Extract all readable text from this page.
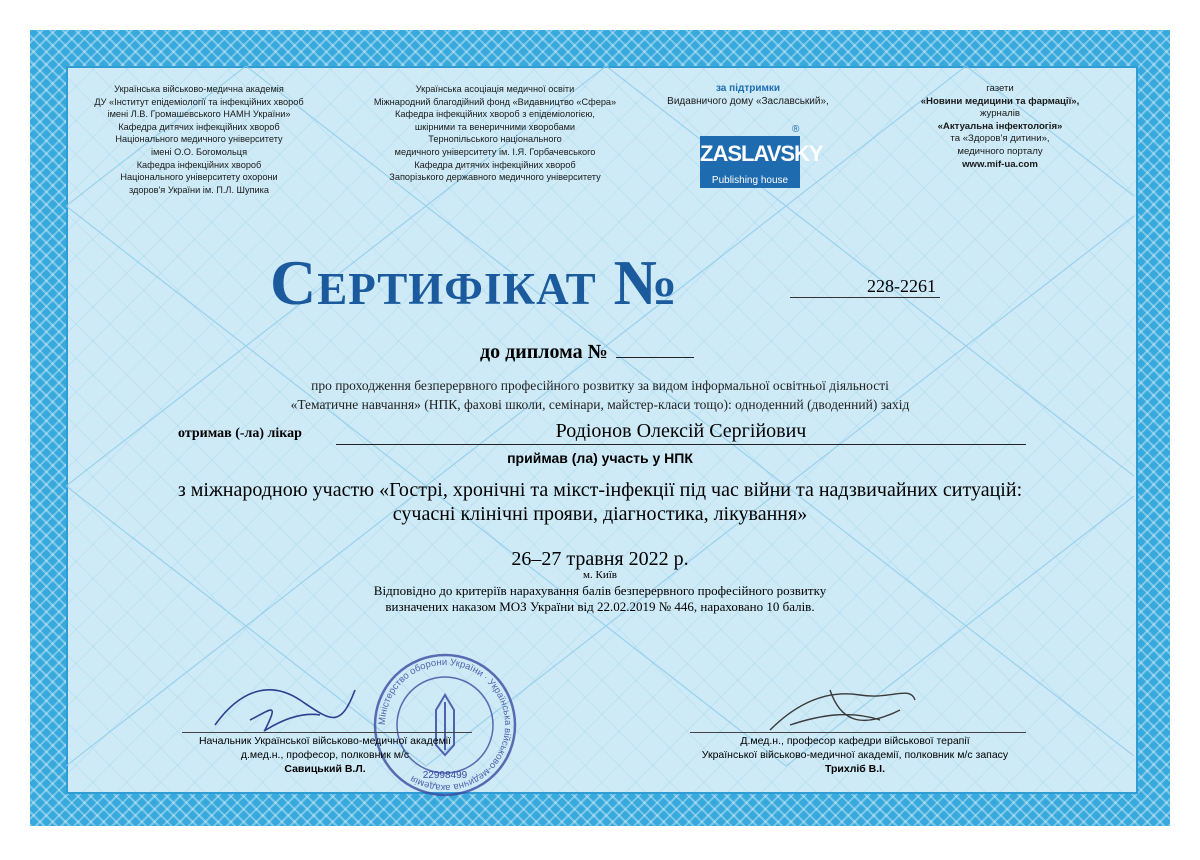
Українська військово-медична академія
ДУ «Інститут епідеміології та інфекційних хвороб
імені Л.В. Громашевського НАМН України»
Кафедра дитячих інфекційних хвороб
Національного медичного університету
імені О.О. Богомольця
Кафедра інфекційних хвороб
Національного університету охорони
здоров'я України ім. П.Л. Шупика
Українська асоціація медичної освіти
Міжнародний благодійний фонд «Видавництво «Сфера»
Кафедра інфекційних хвороб з епідеміологією,
шкірними та венеричними хворобами
Тернопільського національного
медичного університету ім. І.Я. Горбачевського
Кафедра дитячих інфекційних хвороб
Запорізького державного медичного університету
за підтримки
Видавничого дому «Заславський»,
ZASLAVSKY
Publishing house
®
газети
«Новини медицини та фармації»,
журналів
«Актуальна інфектологія»
та «Здоров'я дитини»,
медичного порталу
www.mif-ua.com
Сертифікат №	228-2261
до диплома №
про проходження безперервного професійного розвитку за видом інформальної освітньої діяльності
«Тематичне навчання» (НПК, фахові школи, семінари, майстер-класи тощо): одноденний (дводенний) захід
отримав (-ла) лікар	Родіонов Олексій Сергійович
приймав (ла) участь у НПК
з міжнародною участю «Гострі, хронічні та мікст-інфекції під час війни та надзвичайних ситуацій:
сучасні клінічні прояви, діагностика, лікування»
26–27 травня 2022 р.
м. Київ
Відповідно до критеріїв нарахування балів безперервного професійного розвитку
визначених наказом МОЗ України від 22.02.2019 № 446, нараховано 10 балів.
Міністерство оборони України · Українська військово-медична академія 22998499
Начальник Української військово-медичної академії
д.мед.н., професор, полковник м/с
Савицький В.Л.
Д.мед.н., професор кафедри військової терапії
Української військово-медичної академії, полковник м/с запасу
Трихліб В.І.
